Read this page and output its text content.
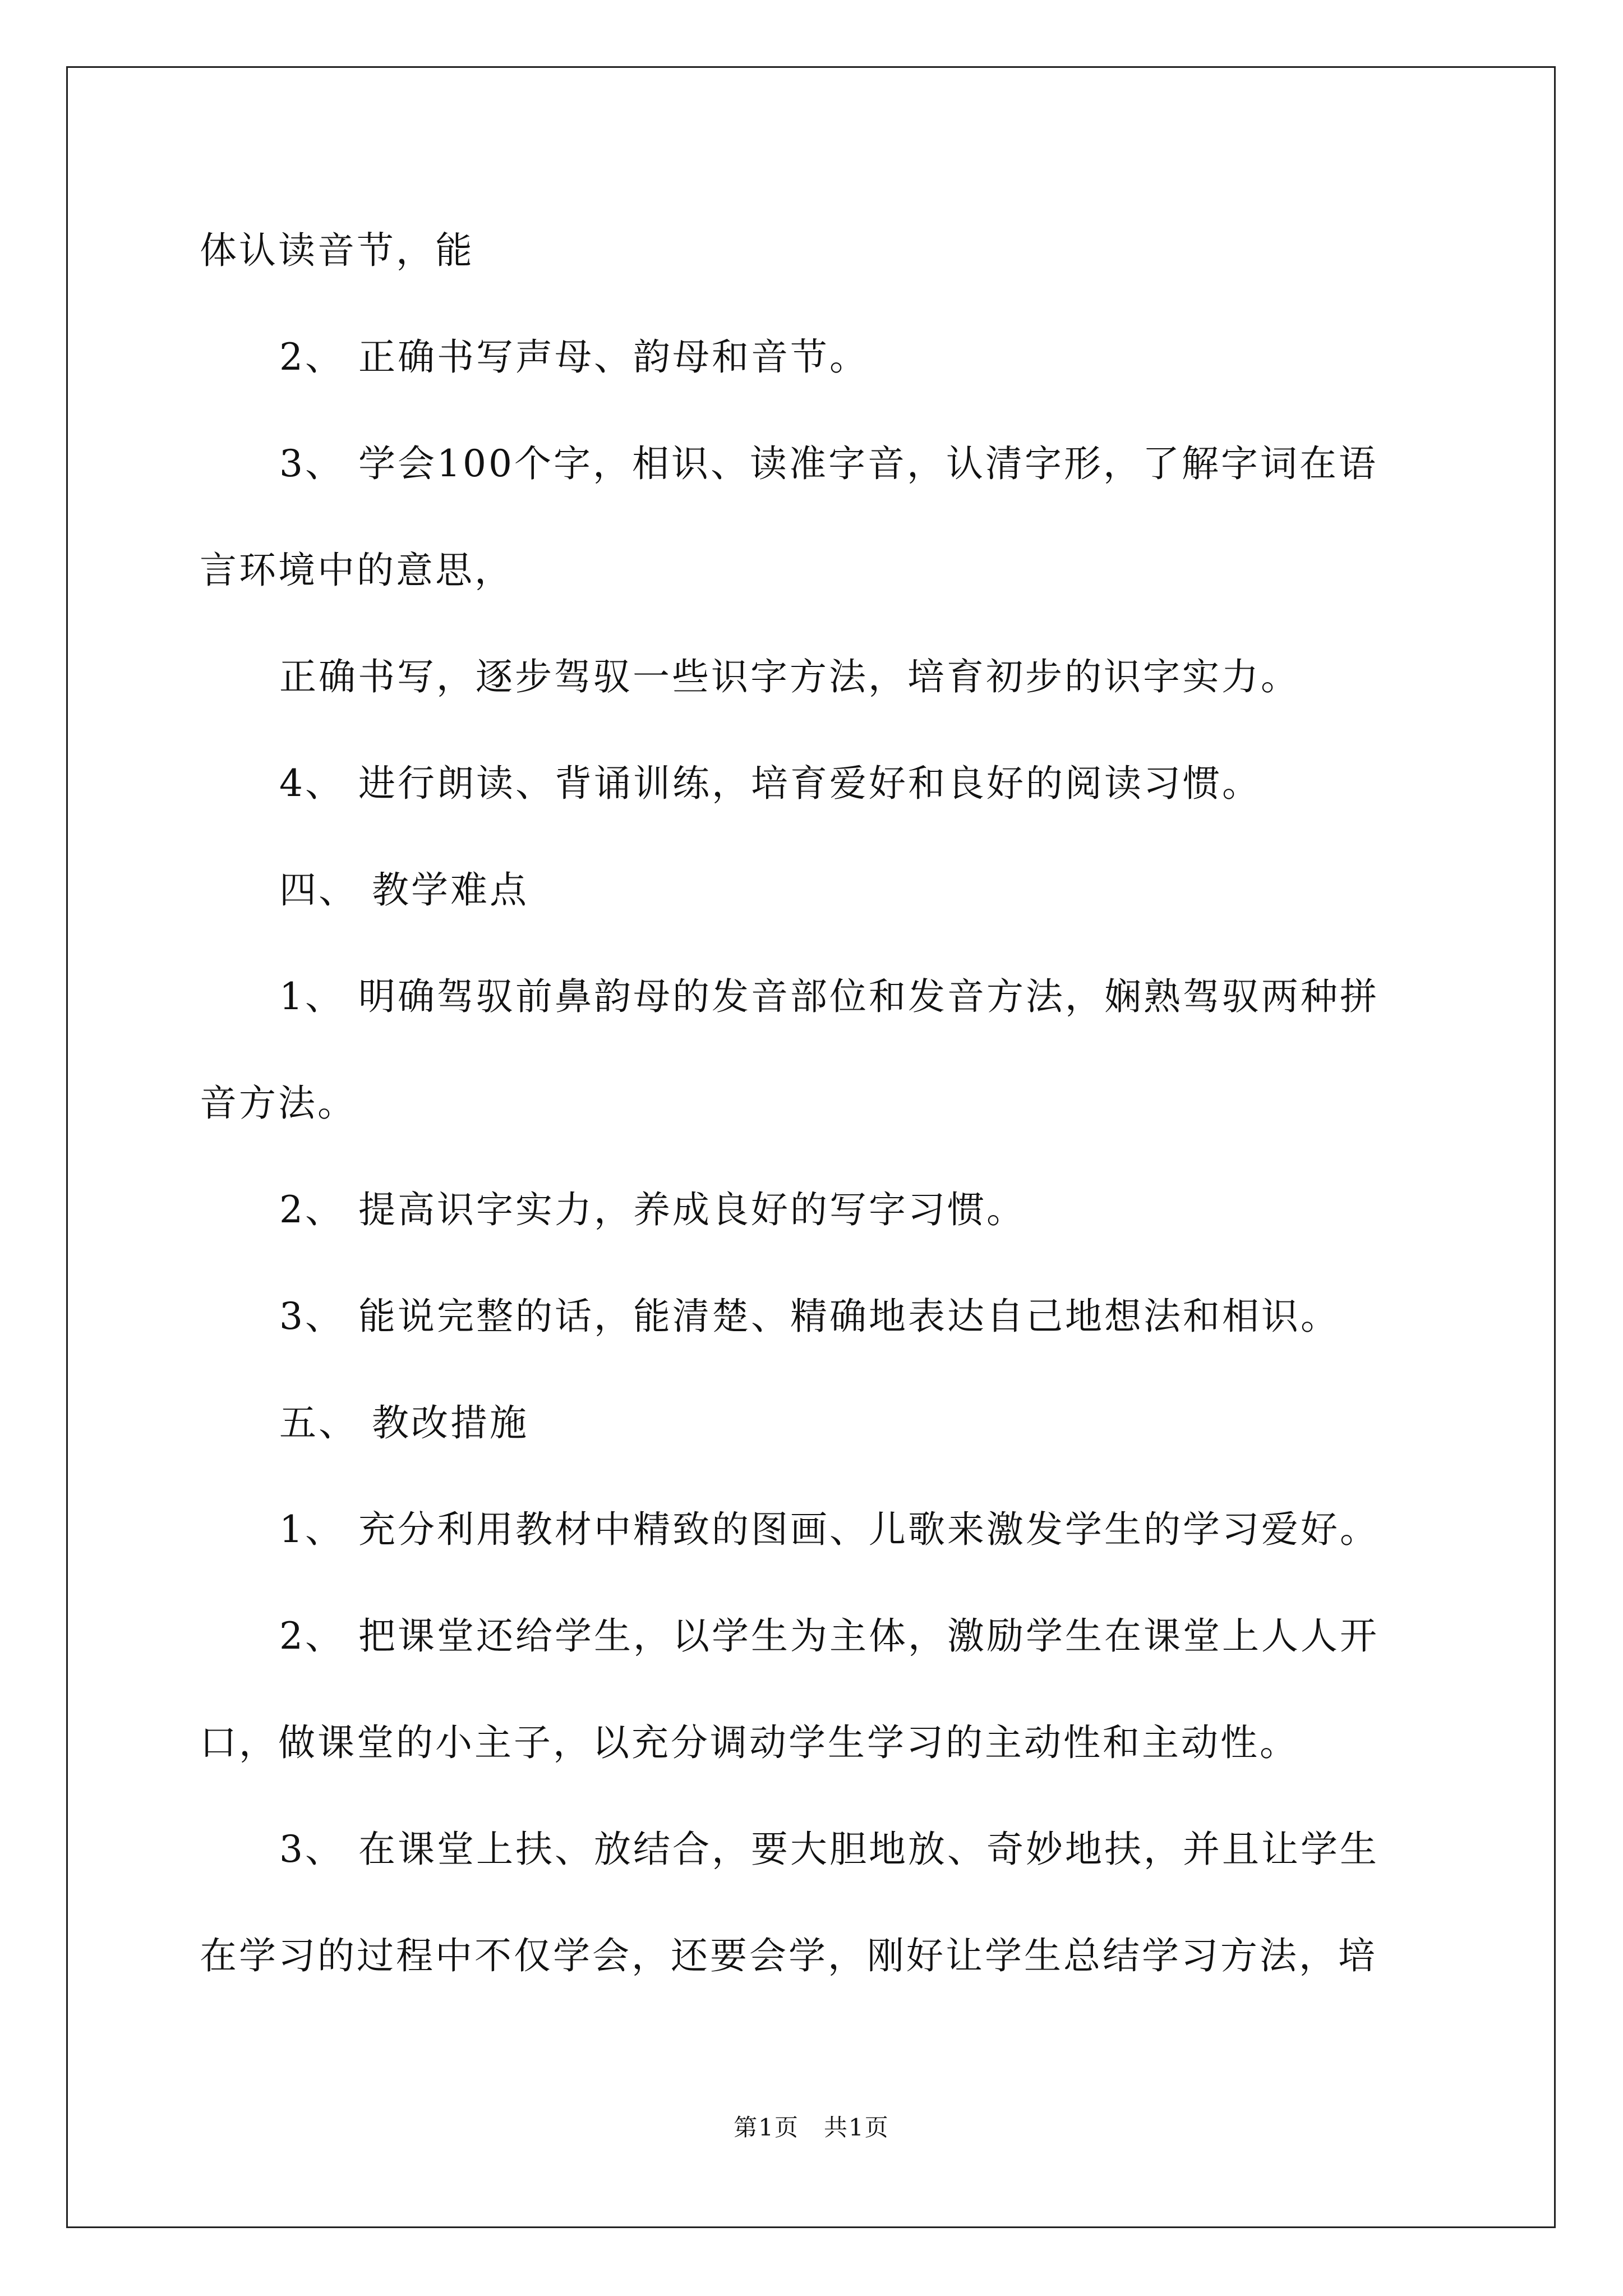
体认读音节，能
2、 正确书写声母、韵母和音节。
3、 学会100个字，相识、读准字音，认清字形，了解字词在语
言环境中的意思，
正确书写，逐步驾驭一些识字方法，培育初步的识字实力。
4、 进行朗读、背诵训练，培育爱好和良好的阅读习惯。
四、 教学难点
1、 明确驾驭前鼻韵母的发音部位和发音方法，娴熟驾驭两种拼
音方法。
2、 提高识字实力，养成良好的写字习惯。
3、 能说完整的话，能清楚、精确地表达自己地想法和相识。
五、 教改措施
1、 充分利用教材中精致的图画、儿歌来激发学生的学习爱好。
2、 把课堂还给学生，以学生为主体，激励学生在课堂上人人开
口，做课堂的小主子，以充分调动学生学习的主动性和主动性。
3、 在课堂上扶、放结合，要大胆地放、奇妙地扶，并且让学生
在学习的过程中不仅学会，还要会学，刚好让学生总结学习方法，培
第1页　共1页
